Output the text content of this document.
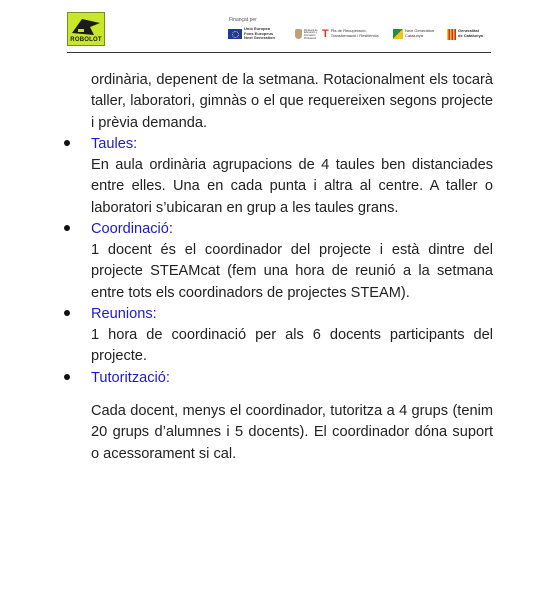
ROBOLOT
Finançat per
Unió Europea
Fons Europeus
Next Generation
Ministerio de Educación y Formación Profesional T Pla de Recuperació,
Transformació i Resiliència
Next Generation
Catalunya
Generalitat
de Catalunya

ordinària, depenent de la setmana. Rotacionalment els tocarà taller, laboratori, gimnàs o el que requereixen segons projecte i prèvia demanda.

Taules:

En aula ordinària agrupacions de 4 taules ben distanciades entre elles. Una en cada punta i altra al centre. A taller o laboratori s’ubicaran en grup a les taules grans.

Coordinació:

1 docent és el coordinador del projecte i està dintre del projecte STEAMcat (fem una hora de reunió a la setmana entre tots els coordinadors de projectes STEAM).

Reunions:

1 hora de coordinació per als 6 docents participants del projecte.

Tutorització:

Cada docent, menys el coordinador, tutoritza a 4 grups (tenim 20 grups d’alumnes i 5 docents). El coordinador dóna suport o acessorament si cal.
